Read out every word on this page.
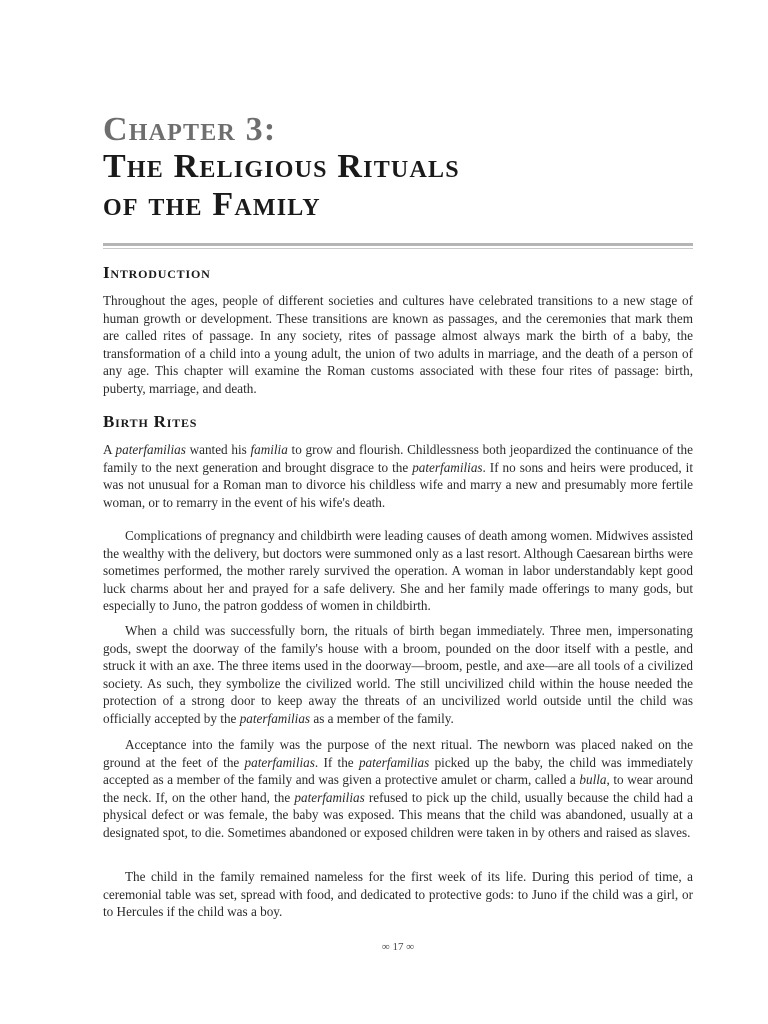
Chapter 3:

The Religious Rituals

of the Family

Introduction

Throughout the ages, people of different societies and cultures have celebrated transitions to a new stage of human growth or development. These transitions are known as passages, and the ceremonies that mark them are called rites of passage. In any society, rites of passage almost always mark the birth of a baby, the transformation of a child into a young adult, the union of two adults in marriage, and the death of a person of any age. This chapter will examine the Roman customs associated with these four rites of passage: birth, puberty, marriage, and death.

Birth Rites

A paterfamilias wanted his familia to grow and flourish. Childlessness both jeopardized the continuance of the family to the next generation and brought disgrace to the paterfamilias. If no sons and heirs were produced, it was not unusual for a Roman man to divorce his childless wife and marry a new and presumably more fertile woman, or to remarry in the event of his wife's death.

Complications of pregnancy and childbirth were leading causes of death among women. Midwives assisted the wealthy with the delivery, but doctors were summoned only as a last resort. Although Caesarean births were sometimes performed, the mother rarely survived the operation. A woman in labor understandably kept good luck charms about her and prayed for a safe delivery. She and her family made offerings to many gods, but especially to Juno, the patron goddess of women in childbirth.

When a child was successfully born, the rituals of birth began immediately. Three men, impersonating gods, swept the doorway of the family's house with a broom, pounded on the door itself with a pestle, and struck it with an axe. The three items used in the doorway—broom, pestle, and axe—are all tools of a civilized society. As such, they symbolize the civilized world. The still uncivilized child within the house needed the protection of a strong door to keep away the threats of an uncivilized world outside until the child was officially accepted by the paterfamilias as a member of the family.

Acceptance into the family was the purpose of the next ritual. The newborn was placed naked on the ground at the feet of the paterfamilias. If the paterfamilias picked up the baby, the child was immediately accepted as a member of the family and was given a protective amulet or charm, called a bulla, to wear around the neck. If, on the other hand, the paterfamilias refused to pick up the child, usually because the child had a physical defect or was female, the baby was exposed. This means that the child was abandoned, usually at a designated spot, to die. Sometimes abandoned or exposed children were taken in by others and raised as slaves.

The child in the family remained nameless for the first week of its life. During this period of time, a ceremonial table was set, spread with food, and dedicated to protective gods: to Juno if the child was a girl, or to Hercules if the child was a boy.

∞ 17 ∞
